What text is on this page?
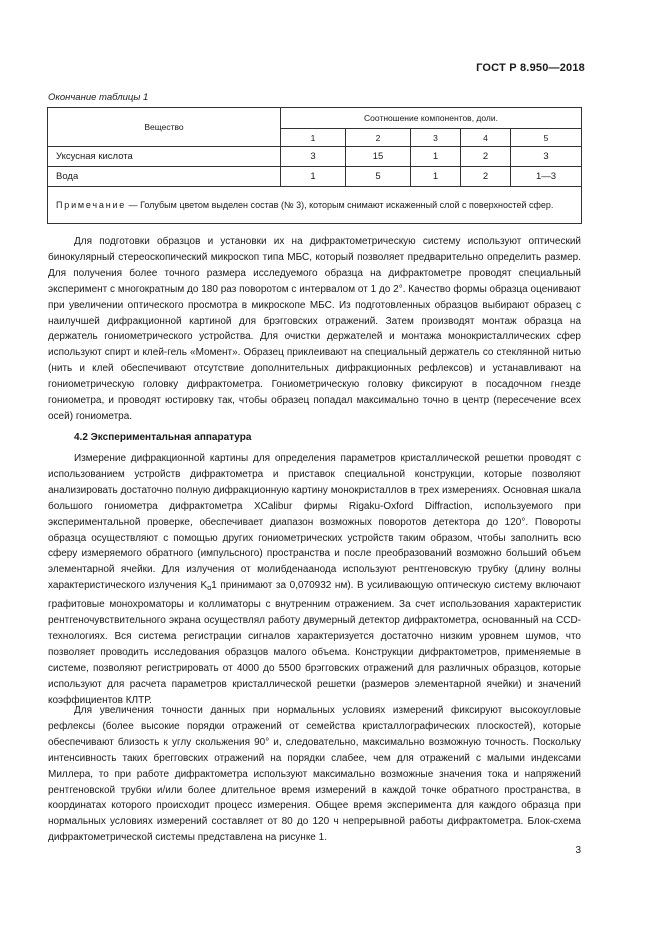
ГОСТ Р 8.950—2018
Окончание таблицы 1
Вещество	Соотношение компонентов, доли.				
	1	2	3	4	5
Уксусная кислота	3	15	1	2	3
Вода	1	5	1	2	1—3
Примечание — Голубым цветом выделен состав (№ 3), которым снимают искаженный слой с поверхностей сфер.					

Для подготовки образцов и установки их на дифрактометрическую систему используют оптический бинокулярный стереоскопический микроскоп типа МБС, который позволяет предварительно определить размер. Для получения более точного размера исследуемого образца на дифрактометре проводят специальный эксперимент с многократным до 180 раз поворотом с интервалом от 1 до 2°. Качество формы образца оценивают при увеличении оптического просмотра в микроскопе МБС. Из подготовленных образцов выбирают образец с наилучшей дифракционной картиной для брэгговских отражений. Затем производят монтаж образца на держатель гониометрического устройства. Для очистки держателей и монтажа монокристаллических сфер используют спирт и клей-гель «Момент». Образец приклеивают на специальный держатель со стеклянной нитью (нить и клей обеспечивают отсутствие дополнительных дифракционных рефлексов) и устанавливают на гониометрическую головку дифрактометра. Гониометрическую головку фиксируют в посадочном гнезде гониометра, и проводят юстировку так, чтобы образец попадал максимально точно в центр (пересечение всех осей) гониометра.

4.2 Экспериментальная аппаратура

Измерение дифракционной картины для определения параметров кристаллической решетки проводят с использованием устройств дифрактометра и приставок специальной конструкции, которые позволяют анализировать достаточно полную дифракционную картину монокристаллов в трех измерениях. Основная шкала большого гониометра дифрактометра XCalibur фирмы Rigaku-Oxford Diffraction, используемого при экспериментальной проверке, обеспечивает диапазон возможных поворотов детектора до 120°. Повороты образца осуществляют с помощью других гониометрических устройств таким образом, чтобы заполнить всю сферу измеряемого обратного (импульсного) пространства и после преобразований возможно больший объем элементарной ячейки. Для излучения от молибденаанода используют рентгеновскую трубку (длину волны характеристического излучения $K_\alpha 1$ принимают за 0,070932 нм). В усиливающую оптическую систему включают графитовые монохроматоры и коллиматоры с внутренним отражением. За счет использования характеристик рентгеночувствительного экрана осуществлял работу двумерный детектор дифрактометра, основанный на CCD-технологиях. Вся система регистрации сигналов характеризуется достаточно низким уровнем шумов, что позволяет проводить исследования образцов малого объема. Конструкции дифрактометров, применяемые в системе, позволяют регистрировать от 4000 до 5500 брэгговских отражений для различных образцов, которые используют для расчета параметров кристаллической решетки (размеров элементарной ячейки) и значений коэффициентов КЛТР.

Для увеличения точности данных при нормальных условиях измерений фиксируют высокоугловые рефлексы (более высокие порядки отражений от семейства кристаллографических плоскостей), которые обеспечивают близость к углу скольжения 90° и, следовательно, максимально возможную точность. Поскольку интенсивность таких брегговских отражений на порядки слабее, чем для отражений с малыми индексами Миллера, то при работе дифрактометра используют максимально возможные значения тока и напряжений рентгеновской трубки и/или более длительное время измерений в каждой точке обратного пространства, в координатах которого происходит процесс измерения. Общее время эксперимента для каждого образца при нормальных условиях измерений составляет от 80 до 120 ч непрерывной работы дифрактометра. Блок-схема дифрактометрической системы представлена на рисунке 1.

3
